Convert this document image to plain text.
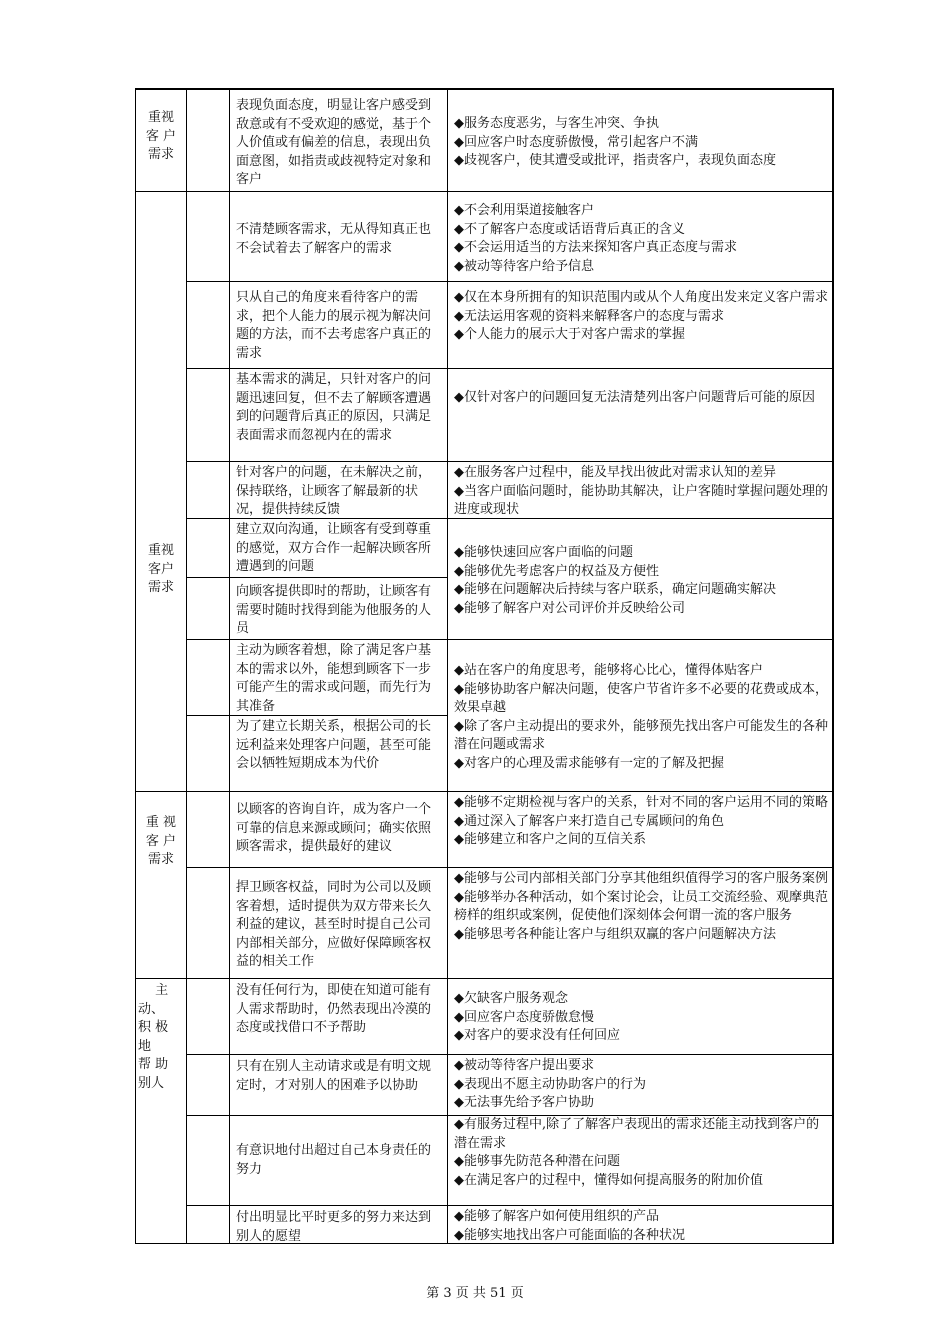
重视
客 户
需求
重视
客户
需求
重 视
客 户
需求
　 主
动、
积 极
地
帮 助
别人
表现负面态度，明显让客户感受到敌意或有不受欢迎的感觉，基于个人价值或有偏差的信息，表现出负面意图，如指责或歧视特定对象和客户
不清楚顾客需求，无从得知真正也不会试着去了解客户的需求
只从自己的角度来看待客户的需求，把个人能力的展示视为解决问题的方法，而不去考虑客户真正的需求
基本需求的满足，只针对客户的问题迅速回复，但不去了解顾客遭遇到的问题背后真正的原因，只满足表面需求而忽视内在的需求
针对客户的问题，在未解决之前，保持联络，让顾客了解最新的状况，提供持续反馈
建立双向沟通，让顾客有受到尊重的感觉，双方合作一起解决顾客所遭遇到的问题
向顾客提供即时的帮助，让顾客有需要时随时找得到能为他服务的人员
主动为顾客着想，除了满足客户基本的需求以外，能想到顾客下一步可能产生的需求或问题，而先行为其准备
为了建立长期关系，根据公司的长远利益来处理客户问题，甚至可能会以牺牲短期成本为代价
以顾客的咨询自许，成为客户一个可靠的信息来源或顾问；确实依照顾客需求，提供最好的建议
捍卫顾客权益，同时为公司以及顾客着想，适时提供为双方带来长久利益的建议，甚至时时提自己公司内部相关部分，应做好保障顾客权益的相关工作
没有任何行为，即使在知道可能有人需求帮助时，仍然表现出冷漠的态度或找借口不予帮助
只有在别人主动请求或是有明文规定时，才对别人的困难予以协助
有意识地付出超过自己本身责任的努力
付出明显比平时更多的努力来达到别人的愿望

◆服务态度恶劣，与客生冲突、争执

◆回应客户时态度骄傲慢，常引起客户不满

◆歧视客户，使其遭受或批评，指责客户，表现负面态度

◆不会利用渠道接触客户

◆不了解客户态度或话语背后真正的含义

◆不会运用适当的方法来探知客户真正态度与需求

◆被动等待客户给予信息

◆仅在本身所拥有的知识范围内或从个人角度出发来定义客户需求

◆无法运用客观的资料来解释客户的态度与需求

◆个人能力的展示大于对客户需求的掌握

◆仅针对客户的问题回复无法清楚列出客户问题背后可能的原因

◆在服务客户过程中，能及早找出彼此对需求认知的差异

◆当客户面临问题时，能协助其解决，让户客随时掌握问题处理的进度或现状

◆能够快速回应客户面临的问题

◆能够优先考虑客户的权益及方便性

◆能够在问题解决后持续与客户联系，确定问题确实解决

◆能够了解客户对公司评价并反映给公司

◆站在客户的角度思考，能够将心比心，懂得体贴客户

◆能够协助客户解决问题，使客户节省许多不必要的花费或成本，效果卓越

◆除了客户主动提出的要求外，能够预先找出客户可能发生的各种潜在问题或需求

◆对客户的心理及需求能够有一定的了解及把握

◆能够不定期检视与客户的关系，针对不同的客户运用不同的策略

◆通过深入了解客户来打造自己专属顾问的角色

◆能够建立和客户之间的互信关系

◆能够与公司内部相关部门分享其他组织值得学习的客户服务案例

◆能够举办各种活动，如个案讨论会，让员工交流经验、观摩典范榜样的组织或案例，促使他们深刻体会何谓一流的客户服务

◆能够思考各种能让客户与组织双赢的客户问题解决方法

◆欠缺客户服务观念

◆回应客户态度骄傲怠慢

◆对客户的要求没有任何回应

◆被动等待客户提出要求

◆表现出不愿主动协助客户的行为

◆无法事先给予客户协助

◆有服务过程中,除了了解客户表现出的需求还能主动找到客户的潜在需求

◆能够事先防范各种潜在问题

◆在满足客户的过程中，懂得如何提高服务的附加价值

◆能够了解客户如何使用组织的产品

◆能够实地找出客户可能面临的各种状况

第 3 页 共 51 页
